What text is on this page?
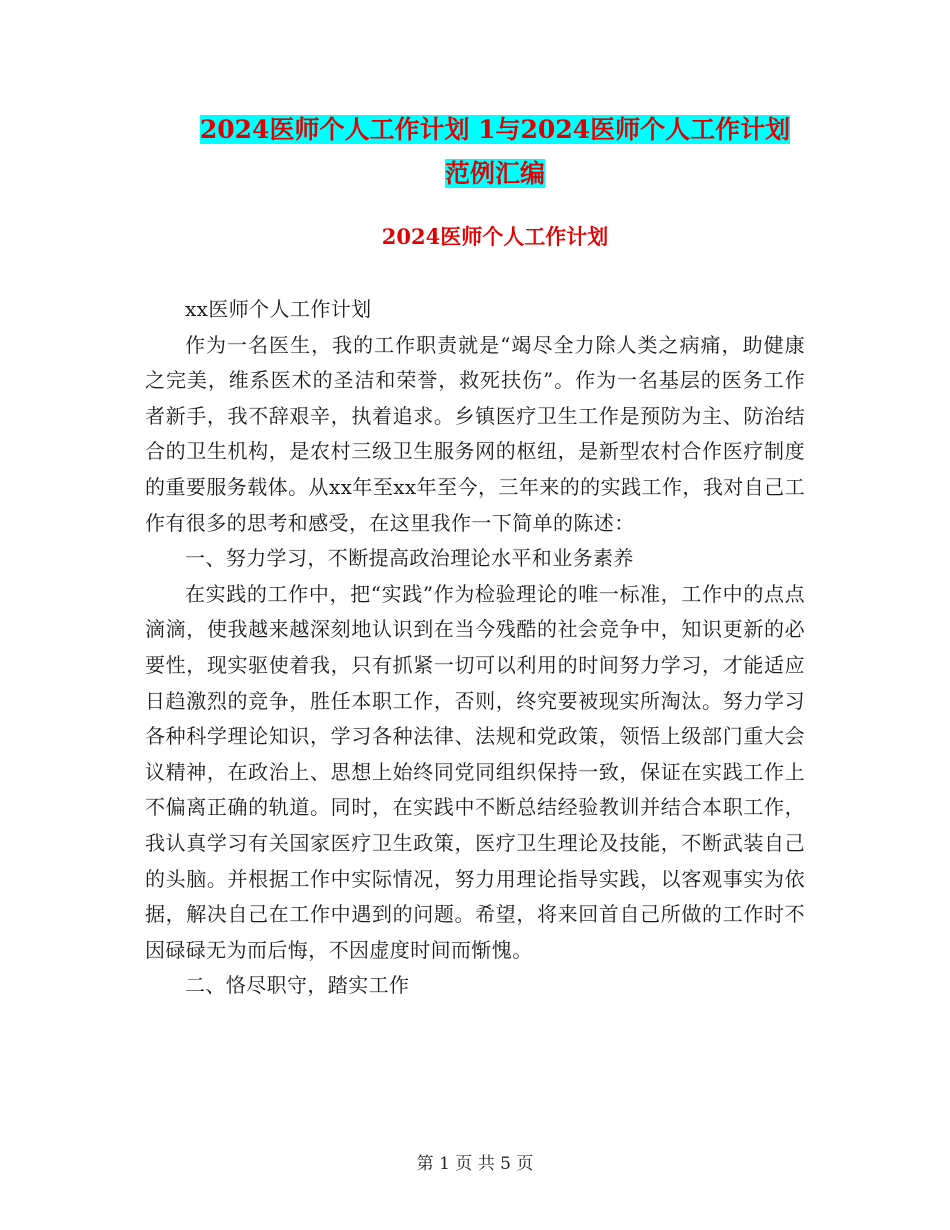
2024医师个人工作计划 1与2024医师个人工作计划
范例汇编
2024医师个人工作计划

xx医师个人工作计划

作为一名医生，我的工作职责就是“竭尽全力除人类之病痛，助健康之完美，维系医术的圣洁和荣誉，救死扶伤”。作为一名基层的医务工作者新手，我不辞艰辛，执着追求。乡镇医疗卫生工作是预防为主、防治结合的卫生机构，是农村三级卫生服务网的枢纽，是新型农村合作医疗制度的重要服务载体。从xx年至xx年至今，三年来的的实践工作，我对自己工作有很多的思考和感受，在这里我作一下简单的陈述：

一、努力学习，不断提高政治理论水平和业务素养

在实践的工作中，把“实践”作为检验理论的唯一标准，工作中的点点滴滴，使我越来越深刻地认识到在当今残酷的社会竞争中，知识更新的必要性，现实驱使着我，只有抓紧一切可以利用的时间努力学习，才能适应日趋激烈的竞争，胜任本职工作，否则，终究要被现实所淘汰。努力学习各种科学理论知识，学习各种法律、法规和党政策，领悟上级部门重大会议精神，在政治上、思想上始终同党同组织保持一致，保证在实践工作上不偏离正确的轨道。同时，在实践中不断总结经验教训并结合本职工作，我认真学习有关国家医疗卫生政策，医疗卫生理论及技能，不断武装自己的头脑。并根据工作中实际情况，努力用理论指导实践，以客观事实为依据，解决自己在工作中遇到的问题。希望，将来回首自己所做的工作时不因碌碌无为而后悔，不因虚度时间而惭愧。

二、恪尽职守，踏实工作

第 1 页 共 5 页
